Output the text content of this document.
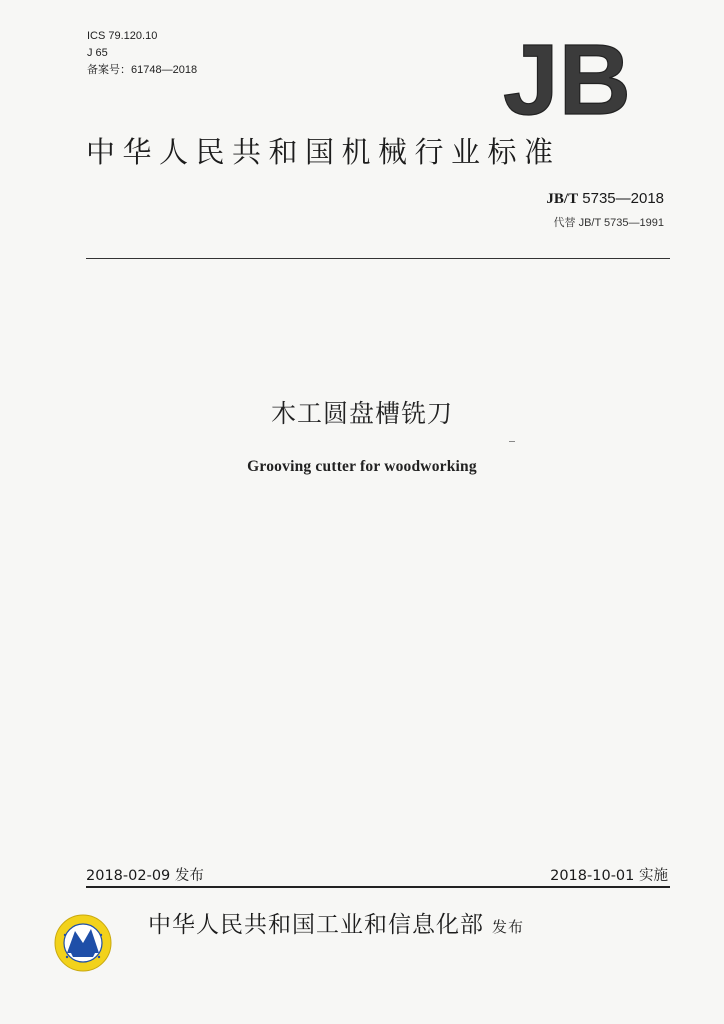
ICS 79.120.10
J 65
备案号：61748—2018	JB
中华人民共和国机械行业标准
JB/T 5735—2018
代替 JB/T 5735—1991
木工圆盘槽铣刀
Grooving cutter for woodworking
2018-02-09 发布	2018-10-01 实施
中华人民共和国工业和信息化部 发布
